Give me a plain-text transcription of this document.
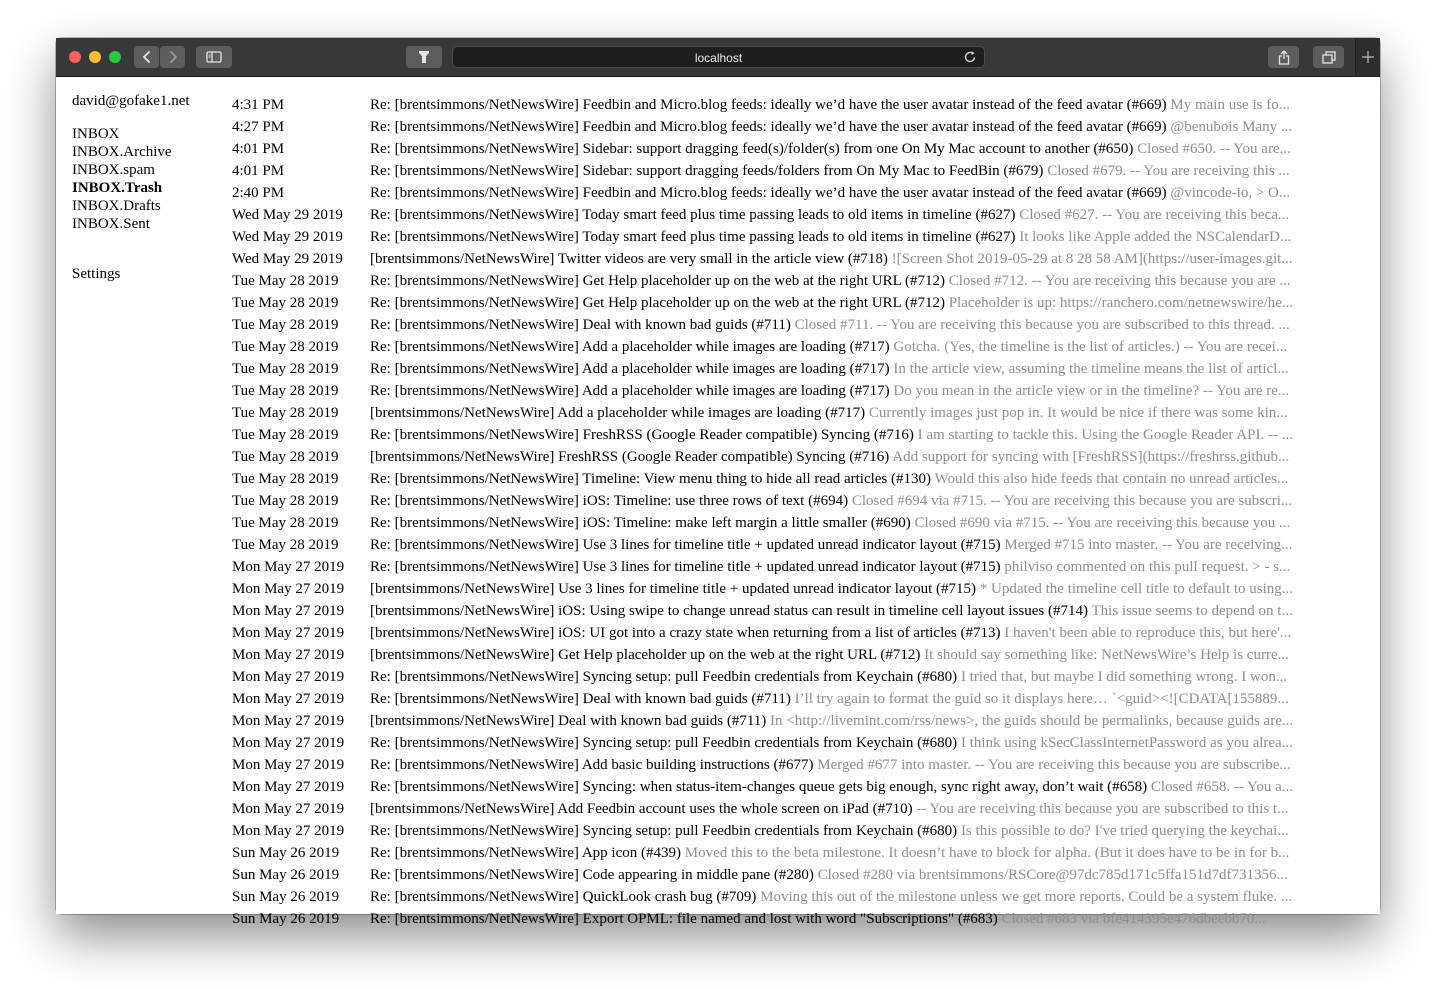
localhost
david@gofake1.net
INBOX
INBOX.Archive
INBOX.spam
INBOX.Trash
INBOX.Drafts
INBOX.Sent
Settings
4:31 PM	Re: [brentsimmons/NetNewsWire] Feedbin and Micro.blog feeds: ideally we’d have the user avatar instead of the feed avatar (#669) My main use is fo...
4:27 PM	Re: [brentsimmons/NetNewsWire] Feedbin and Micro.blog feeds: ideally we’d have the user avatar instead of the feed avatar (#669) @benubois Many ...
4:01 PM	Re: [brentsimmons/NetNewsWire] Sidebar: support dragging feed(s)/folder(s) from one On My Mac account to another (#650) Closed #650. -- You are...
4:01 PM	Re: [brentsimmons/NetNewsWire] Sidebar: support dragging feeds/folders from On My Mac to FeedBin (#679) Closed #679. -- You are receiving this ...
2:40 PM	Re: [brentsimmons/NetNewsWire] Feedbin and Micro.blog feeds: ideally we’d have the user avatar instead of the feed avatar (#669) @vincode-io, > O...
Wed May 29 2019	Re: [brentsimmons/NetNewsWire] Today smart feed plus time passing leads to old items in timeline (#627) Closed #627. -- You are receiving this beca...
Wed May 29 2019	Re: [brentsimmons/NetNewsWire] Today smart feed plus time passing leads to old items in timeline (#627) It looks like Apple added the NSCalendarD...
Wed May 29 2019	[brentsimmons/NetNewsWire] Twitter videos are very small in the article view (#718) ![Screen Shot 2019-05-29 at 8 28 58 AM](https://user-images.git...
Tue May 28 2019	Re: [brentsimmons/NetNewsWire] Get Help placeholder up on the web at the right URL (#712) Closed #712. -- You are receiving this because you are ...
Tue May 28 2019	Re: [brentsimmons/NetNewsWire] Get Help placeholder up on the web at the right URL (#712) Placeholder is up: https://ranchero.com/netnewswire/he...
Tue May 28 2019	Re: [brentsimmons/NetNewsWire] Deal with known bad guids (#711) Closed #711. -- You are receiving this because you are subscribed to this thread. ...
Tue May 28 2019	Re: [brentsimmons/NetNewsWire] Add a placeholder while images are loading (#717) Gotcha. (Yes, the timeline is the list of articles.) -- You are recei...
Tue May 28 2019	Re: [brentsimmons/NetNewsWire] Add a placeholder while images are loading (#717) In the article view, assuming the timeline means the list of articl...
Tue May 28 2019	Re: [brentsimmons/NetNewsWire] Add a placeholder while images are loading (#717) Do you mean in the article view or in the timeline? -- You are re...
Tue May 28 2019	[brentsimmons/NetNewsWire] Add a placeholder while images are loading (#717) Currently images just pop in. It would be nice if there was some kin...
Tue May 28 2019	Re: [brentsimmons/NetNewsWire] FreshRSS (Google Reader compatible) Syncing (#716) I am starting to tackle this. Using the Google Reader API. -- ...
Tue May 28 2019	[brentsimmons/NetNewsWire] FreshRSS (Google Reader compatible) Syncing (#716) Add support for syncing with [FreshRSS](https://freshrss.github...
Tue May 28 2019	Re: [brentsimmons/NetNewsWire] Timeline: View menu thing to hide all read articles (#130) Would this also hide feeds that contain no unread articles...
Tue May 28 2019	Re: [brentsimmons/NetNewsWire] iOS: Timeline: use three rows of text (#694) Closed #694 via #715. -- You are receiving this because you are subscri...
Tue May 28 2019	Re: [brentsimmons/NetNewsWire] iOS: Timeline: make left margin a little smaller (#690) Closed #690 via #715. -- You are receiving this because you ...
Tue May 28 2019	Re: [brentsimmons/NetNewsWire] Use 3 lines for timeline title + updated unread indicator layout (#715) Merged #715 into master. -- You are receiving...
Mon May 27 2019	Re: [brentsimmons/NetNewsWire] Use 3 lines for timeline title + updated unread indicator layout (#715) philviso commented on this pull request. > - s...
Mon May 27 2019	[brentsimmons/NetNewsWire] Use 3 lines for timeline title + updated unread indicator layout (#715) * Updated the timeline cell title to default to using...
Mon May 27 2019	[brentsimmons/NetNewsWire] iOS: Using swipe to change unread status can result in timeline cell layout issues (#714) This issue seems to depend on t...
Mon May 27 2019	[brentsimmons/NetNewsWire] iOS: UI got into a crazy state when returning from a list of articles (#713) I haven't been able to reproduce this, but here'...
Mon May 27 2019	[brentsimmons/NetNewsWire] Get Help placeholder up on the web at the right URL (#712) It should say something like: NetNewsWire’s Help is curre...
Mon May 27 2019	Re: [brentsimmons/NetNewsWire] Syncing setup: pull Feedbin credentials from Keychain (#680) I tried that, but maybe I did something wrong. I won...
Mon May 27 2019	Re: [brentsimmons/NetNewsWire] Deal with known bad guids (#711) I’ll try again to format the guid so it displays here… `<guid><![CDATA[155889...
Mon May 27 2019	[brentsimmons/NetNewsWire] Deal with known bad guids (#711) In <http://livemint.com/rss/news>, the guids should be permalinks, because guids are...
Mon May 27 2019	Re: [brentsimmons/NetNewsWire] Syncing setup: pull Feedbin credentials from Keychain (#680) I think using kSecClassInternetPassword as you alrea...
Mon May 27 2019	Re: [brentsimmons/NetNewsWire] Add basic building instructions (#677) Merged #677 into master. -- You are receiving this because you are subscribe...
Mon May 27 2019	Re: [brentsimmons/NetNewsWire] Syncing: when status-item-changes queue gets big enough, sync right away, don’t wait (#658) Closed #658. -- You a...
Mon May 27 2019	[brentsimmons/NetNewsWire] Add Feedbin account uses the whole screen on iPad (#710) -- You are receiving this because you are subscribed to this t...
Mon May 27 2019	Re: [brentsimmons/NetNewsWire] Syncing setup: pull Feedbin credentials from Keychain (#680) Is this possible to do? I've tried querying the keychai...
Sun May 26 2019	Re: [brentsimmons/NetNewsWire] App icon (#439) Moved this to the beta milestone. It doesn’t have to block for alpha. (But it does have to be in for b...
Sun May 26 2019	Re: [brentsimmons/NetNewsWire] Code appearing in middle pane (#280) Closed #280 via brentsimmons/RSCore@97dc785d171c5ffa151d7df731356...
Sun May 26 2019	Re: [brentsimmons/NetNewsWire] QuickLook crash bug (#709) Moving this out of the milestone unless we get more reports. Could be a system fluke. ...
Sun May 26 2019	Re: [brentsimmons/NetNewsWire] Export OPML: file named and lost with word "Subscriptions" (#683) Closed #683 via bfe414395e476dbeebb70...
